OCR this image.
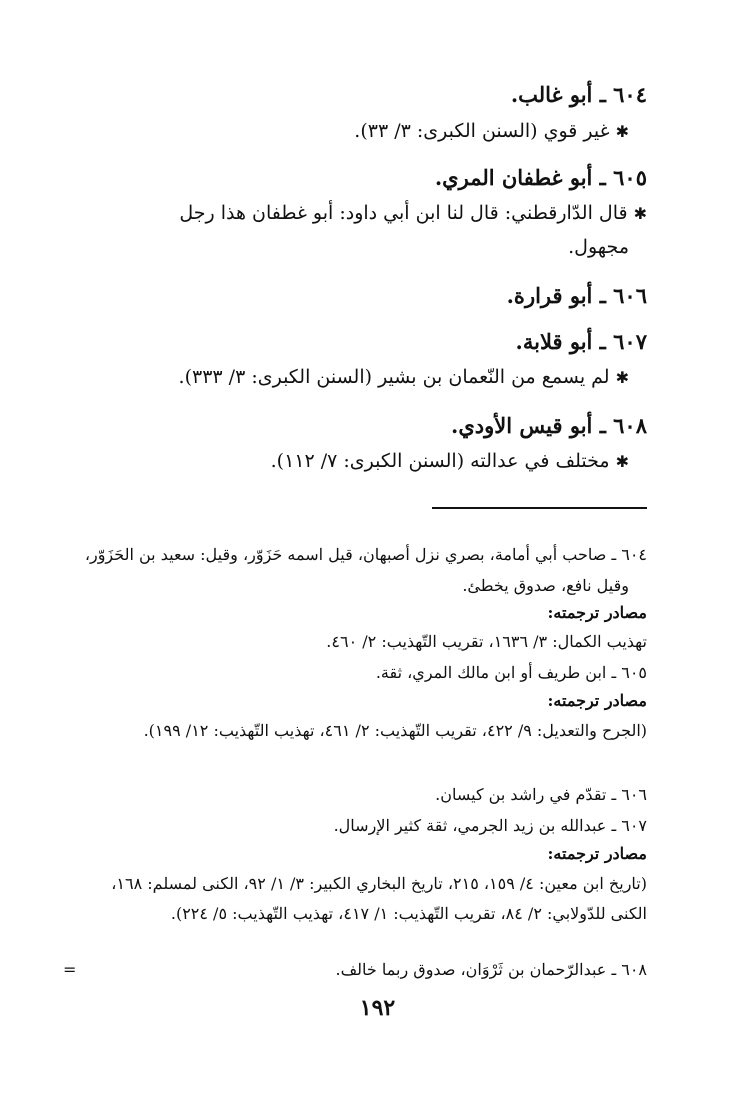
٦٠٤ ـ أبو غالب.
✱غير قوي (السنن الكبرى: ٣/ ٣٣).
٦٠٥ ـ أبو غطفان المري.
✱قال الدّارقطني: قال لنا ابن أبي داود: أبو غطفان هذا رجل
مجهول.
٦٠٦ ـ أبو قرارة.
٦٠٧ ـ أبو قلابة.
✱لم يسمع من النّعمان بن بشير (السنن الكبرى: ٣/ ٣٣٣).
٦٠٨ ـ أبو قيس الأودي.
✱مختلف في عدالته (السنن الكبرى: ٧/ ١١٢).
٦٠٤ ـ صاحب أبي أمامة، بصري نزل أصبهان، قيل اسمه حَزَوّر، وقيل: سعيد بن الحَزَوّر،
وقيل نافع، صدوق يخطئ.
مصادر ترجمته:
تهذيب الكمال: ٣/ ١٦٣٦، تقريب التّهذيب: ٢/ ٤٦٠.
٦٠٥ ـ ابن طريف أو ابن مالك المري، ثقة.
مصادر ترجمته:
(الجرح والتعديل: ٩/ ٤٢٢، تقريب التّهذيب: ٢/ ٤٦١، تهذيب التّهذيب: ١٢/ ١٩٩).
٦٠٦ ـ تقدّم في راشد بن كيسان.
٦٠٧ ـ عبدالله بن زيد الجرمي، ثقة كثير الإرسال.
مصادر ترجمته:
(تاريخ ابن معين: ٤/ ١٥٩، ٢١٥، تاريخ البخاري الكبير: ٣/ ١/ ٩٢، الكنى لمسلم: ١٦٨، الكنى للدّولابي: ٢/ ٨٤، تقريب التّهذيب: ١/ ٤١٧، تهذيب التّهذيب: ٥/ ٢٢٤).
٦٠٨ ـ عبدالرّحمان بن ثَرْوَان، صدوق ربما خالف.
=
١٩٢
